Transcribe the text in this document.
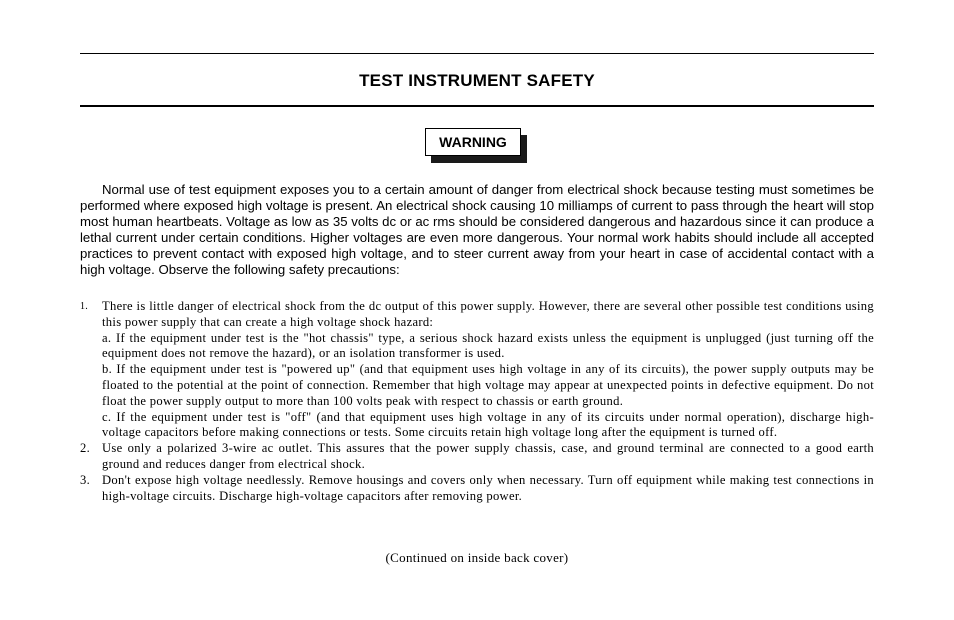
TEST INSTRUMENT SAFETY
WARNING

Normal use of test equipment exposes you to a certain amount of danger from electrical shock because testing must sometimes be performed where exposed high voltage is present. An electrical shock causing 10 milliamps of current to pass through the heart will stop most human heartbeats. Voltage as low as 35 volts dc or ac rms should be considered dangerous and hazardous since it can produce a lethal current under certain conditions. Higher voltages are even more dangerous. Your normal work habits should include all accepted practices to prevent contact with exposed high voltage, and to steer current away from your heart in case of accidental contact with a high voltage. Observe the following safety precautions:

1. There is little danger of electrical shock from the dc output of this power supply. However, there are several other possible test conditions using this power supply that can create a high voltage shock hazard:

a. If the equipment under test is the "hot chassis" type, a serious shock hazard exists unless the equipment is unplugged (just turning off the equipment does not remove the hazard), or an isolation transformer is used.

b. If the equipment under test is "powered up" (and that equipment uses high voltage in any of its circuits), the power supply outputs may be floated to the potential at the point of connection. Remember that high voltage may appear at unexpected points in defective equipment. Do not float the power supply output to more than 100 volts peak with respect to chassis or earth ground.

c. If the equipment under test is "off" (and that equipment uses high voltage in any of its circuits under normal operation), discharge high-voltage capacitors before making connections or tests. Some circuits retain high voltage long after the equipment is turned off.

2. Use only a polarized 3-wire ac outlet. This assures that the power supply chassis, case, and ground terminal are connected to a good earth ground and reduces danger from electrical shock.

3. Don't expose high voltage needlessly. Remove housings and covers only when necessary. Turn off equipment while making test connections in high-voltage circuits. Discharge high-voltage capacitors after removing power.

(Continued on inside back cover)
